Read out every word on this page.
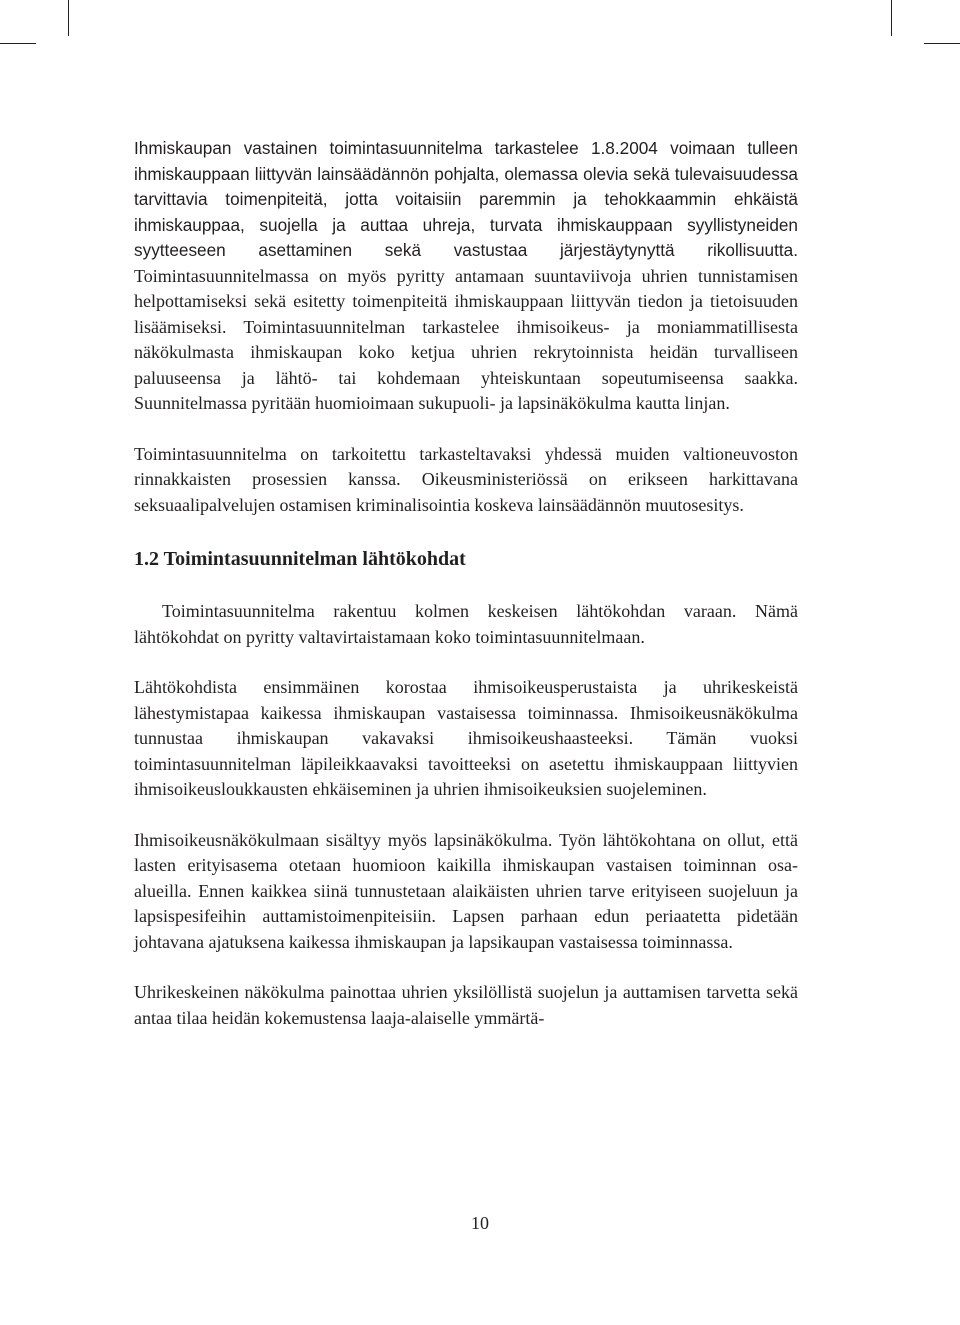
Ihmiskaupan vastainen toimintasuunnitelma tarkastelee 1.8.2004 voimaan tulleen ihmiskauppaan liittyvän lainsäädännön pohjalta, olemassa olevia sekä tulevaisuudessa tarvittavia toimenpiteitä, jotta voitaisiin paremmin ja tehokkaammin ehkäistä ihmiskauppaa, suojella ja auttaa uhreja, turvata ihmiskauppaan syyllistyneiden syytteeseen asettaminen sekä vastustaa järjestäytynyttä rikollisuutta. Toimintasuunnitelmassa on myös pyritty antamaan suuntaviivoja uhrien tunnistamisen helpottamiseksi sekä esitetty toimenpiteitä ihmiskauppaan liittyvän tiedon ja tietoisuuden lisäämiseksi. Toimintasuunnitelman tarkastelee ihmisoikeus- ja moniammatillisesta näkökulmasta ihmiskaupan koko ketjua uhrien rekrytoinnista heidän turvalliseen paluuseensa ja lähtö- tai kohdemaan yhteiskuntaan sopeutumiseensa saakka. Suunnitelmassa pyritään huomioimaan sukupuoli- ja lapsinäkökulma kautta linjan.

Toimintasuunnitelma on tarkoitettu tarkasteltavaksi yhdessä muiden valtioneuvoston rinnakkaisten prosessien kanssa. Oikeusministeriössä on erikseen harkittavana seksuaalipalvelujen ostamisen kriminalisointia koskeva lainsäädännön muutosesitys.

1.2 Toimintasuunnitelman lähtökohdat

Toimintasuunnitelma rakentuu kolmen keskeisen lähtökohdan varaan. Nämä lähtökohdat on pyritty valtavirtaistamaan koko toimintasuunnitelmaan.

Lähtökohdista ensimmäinen korostaa ihmisoikeusperustaista ja uhrikeskeistä lähestymistapaa kaikessa ihmiskaupan vastaisessa toiminnassa. Ihmisoikeusnäkökulma tunnustaa ihmiskaupan vakavaksi ihmisoikeushaasteeksi. Tämän vuoksi toimintasuunnitelman läpileikkaavaksi tavoitteeksi on asetettu ihmiskauppaan liittyvien ihmisoikeusloukkausten ehkäiseminen ja uhrien ihmisoikeuksien suojeleminen.

Ihmisoikeusnäkökulmaan sisältyy myös lapsinäkökulma. Työn lähtökohtana on ollut, että lasten erityisasema otetaan huomioon kaikilla ihmiskaupan vastaisen toiminnan osa-alueilla. Ennen kaikkea siinä tunnustetaan alaikäisten uhrien tarve erityiseen suojeluun ja lapsispesifeihin auttamistoimenpiteisiin. Lapsen parhaan edun periaatetta pidetään johtavana ajatuksena kaikessa ihmiskaupan ja lapsikaupan vastaisessa toiminnassa.

Uhrikeskeinen näkökulma painottaa uhrien yksilöllistä suojelun ja auttamisen tarvetta sekä antaa tilaa heidän kokemustensa laaja-alaiselle ymmärtä-

10
